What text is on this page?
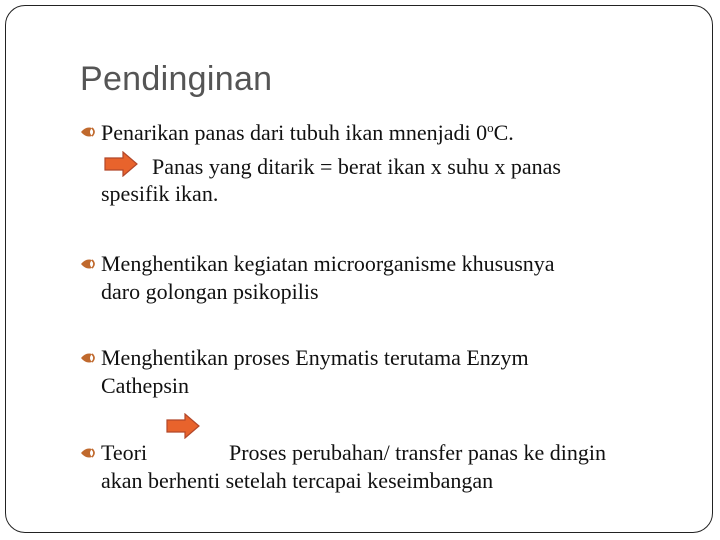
Pendinginan
Penarikan panas dari tubuh ikan mnenjadi 0$^o$C.
Panas yang ditarik = berat ikan x suhu x panas
spesifik ikan.
Menghentikan kegiatan microorganisme khususnya
daro golongan psikopilis
Menghentikan proses Enymatis terutama Enzym
Cathepsin
Teori	Proses perubahan/ transfer panas ke dingin
akan berhenti setelah tercapai keseimbangan
